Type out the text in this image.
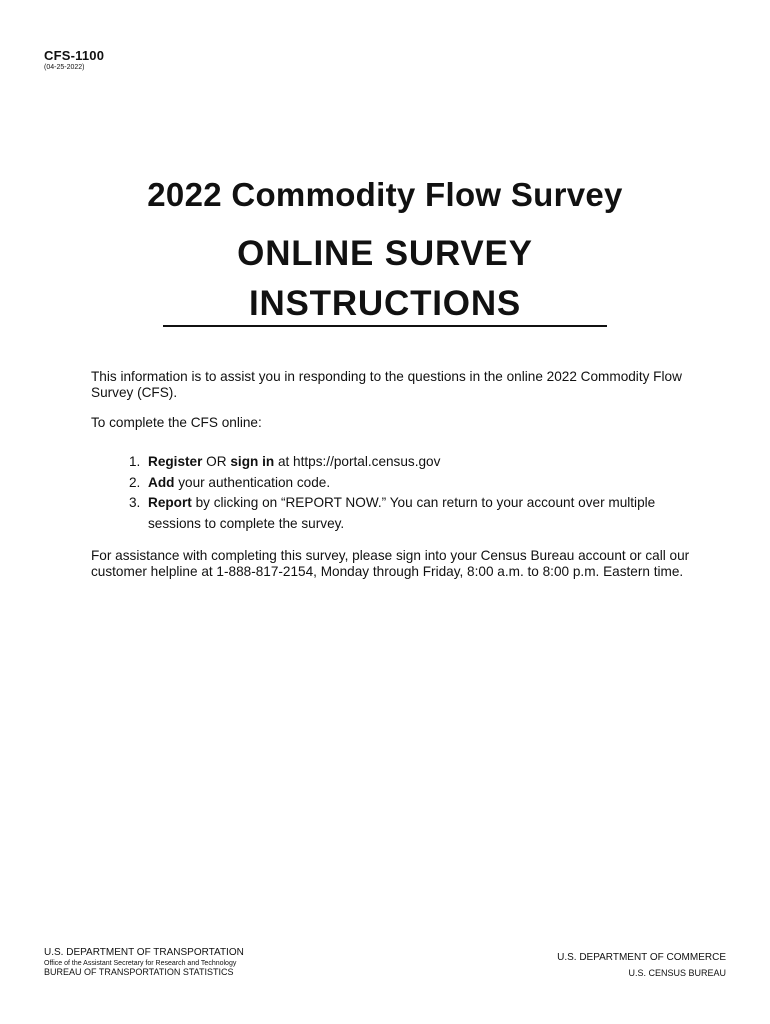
CFS-1100
(04-25-2022)
2022 Commodity Flow Survey
ONLINE SURVEY
INSTRUCTIONS

This information is to assist you in responding to the questions in the online 2022 Commodity Flow Survey (CFS).

To complete the CFS online:

1. Register OR sign in at https://portal.census.gov
2. Add your authentication code.
3. Report by clicking on “REPORT NOW.” You can return to your account over multiple
sessions to complete the survey.

For assistance with completing this survey, please sign into your Census Bureau account or call our customer helpline at 1-888-817-2154, Monday through Friday, 8:00 a.m. to 8:00 p.m. Eastern time.

U.S. DEPARTMENT OF TRANSPORTATION
Office of the Assistant Secretary for Research and Technology
BUREAU OF TRANSPORTATION STATISTICS
U.S. DEPARTMENT OF COMMERCE
U.S. CENSUS BUREAU
